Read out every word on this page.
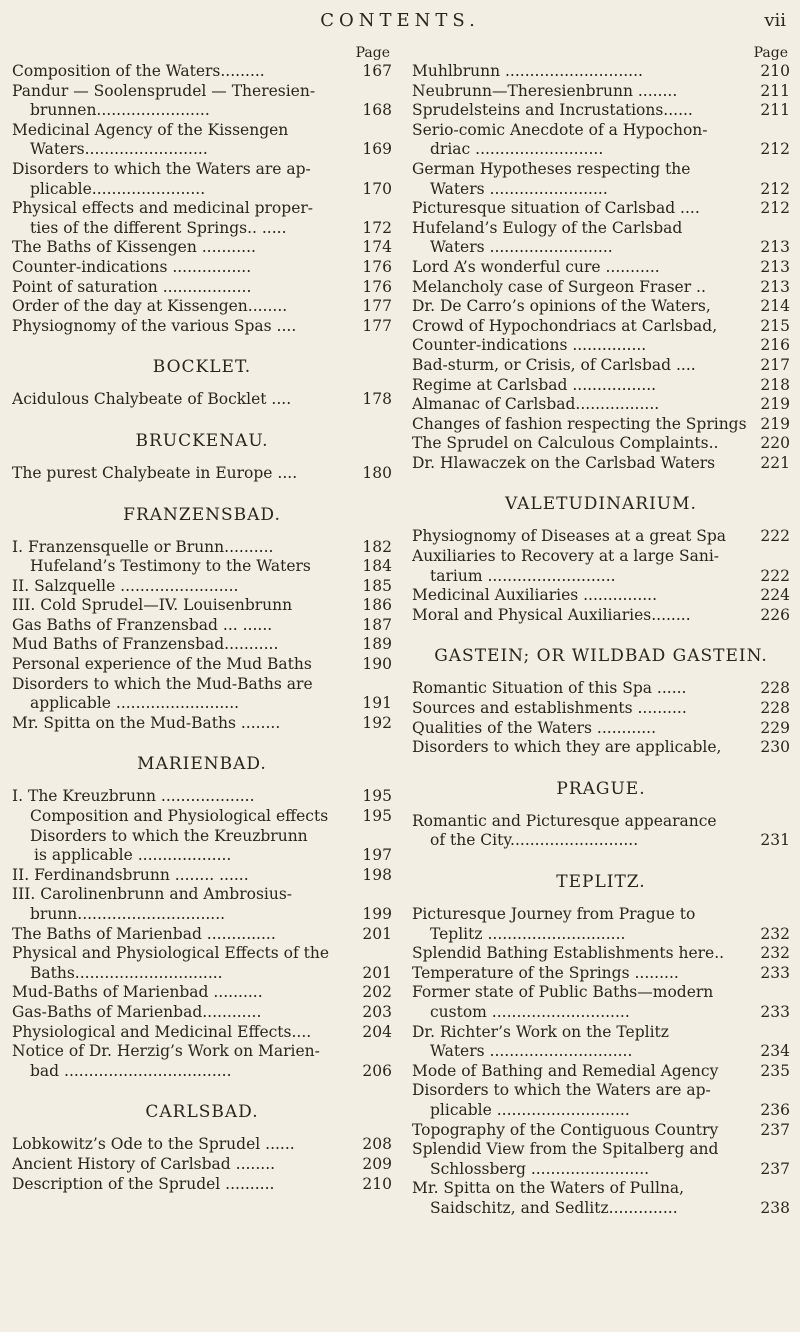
CONTENTS.	vii
Page
167
Composition of the Waters.........
Pandur — Soolensprudel — Theresien-
168
brunnen.......................
Medicinal Agency of the Kissengen
169
Waters.........................
Disorders to which the Waters are ap-
170
plicable.......................
Physical effects and medicinal proper-
172
ties of the different Springs.. .....
174
The Baths of Kissengen ...........
176
Counter-indications ................
176
Point of saturation ..................
177
Order of the day at Kissengen........
177
Physiognomy of the various Spas ....
BOCKLET.
178
Acidulous Chalybeate of Bocklet ....
BRUCKENAU.
180
The purest Chalybeate in Europe ....
FRANZENSBAD.
182
I. Franzensquelle or Brunn..........
184
Hufeland’s Testimony to the Waters
185
II. Salzquelle ........................
186
III. Cold Sprudel—IV. Louisenbrunn
187
Gas Baths of Franzensbad ... ......
189
Mud Baths of Franzensbad...........
190
Personal experience of the Mud Baths
Disorders to which the Mud-Baths are
191
applicable .........................
192
Mr. Spitta on the Mud-Baths ........
MARIENBAD.
195
I. The Kreuzbrunn ...................
195
Composition and Physiological effects
Disorders to which the Kreuzbrunn
197
is applicable ...................
198
II. Ferdinandsbrunn ........ ......
III. Carolinenbrunn and Ambrosius-
199
brunn..............................
201
The Baths of Marienbad ..............
Physical and Physiological Effects of the
201
Baths..............................
202
Mud-Baths of Marienbad ..........
203
Gas-Baths of Marienbad............
204
Physiological and Medicinal Effects....
Notice of Dr. Herzig’s Work on Marien-
206
bad ..................................
CARLSBAD.
208
Lobkowitz’s Ode to the Sprudel ......
209
Ancient History of Carlsbad ........
210
Description of the Sprudel ..........
Page
210
Muhlbrunn ............................
211
Neubrunn—Theresienbrunn ........
211
Sprudelsteins and Incrustations......
Serio-comic Anecdote of a Hypochon-
212
driac ..........................
German Hypotheses respecting the
212
Waters ........................
212
Picturesque situation of Carlsbad ....
Hufeland’s Eulogy of the Carlsbad
213
Waters .........................
213
Lord A’s wonderful cure ...........
213
Melancholy case of Surgeon Fraser ..
214
Dr. De Carro’s opinions of the Waters,
215
Crowd of Hypochondriacs at Carlsbad,
216
Counter-indications ...............
217
Bad-sturm, or Crisis, of Carlsbad ....
218
Regime at Carlsbad .................
219
Almanac of Carlsbad.................
219
Changes of fashion respecting the Springs
220
The Sprudel on Calculous Complaints..
221
Dr. Hlawaczek on the Carlsbad Waters
VALETUDINARIUM.
222
Physiognomy of Diseases at a great Spa
Auxiliaries to Recovery at a large Sani-
222
tarium ..........................
224
Medicinal Auxiliaries ...............
226
Moral and Physical Auxiliaries........
GASTEIN; OR WILDBAD GASTEIN.
228
Romantic Situation of this Spa ......
228
Sources and establishments ..........
229
Qualities of the Waters ............
230
Disorders to which they are applicable,
PRAGUE.
Romantic and Picturesque appearance
231
of the City..........................
TEPLITZ.
Picturesque Journey from Prague to
232
Teplitz ............................
232
Splendid Bathing Establishments here..
233
Temperature of the Springs .........
Former state of Public Baths—modern
233
custom ............................
Dr. Richter’s Work on the Teplitz
234
Waters .............................
235
Mode of Bathing and Remedial Agency
Disorders to which the Waters are ap-
236
plicable ...........................
237
Topography of the Contiguous Country
Splendid View from the Spitalberg and
237
Schlossberg ........................
Mr. Spitta on the Waters of Pullna,
238
Saidschitz, and Sedlitz..............
